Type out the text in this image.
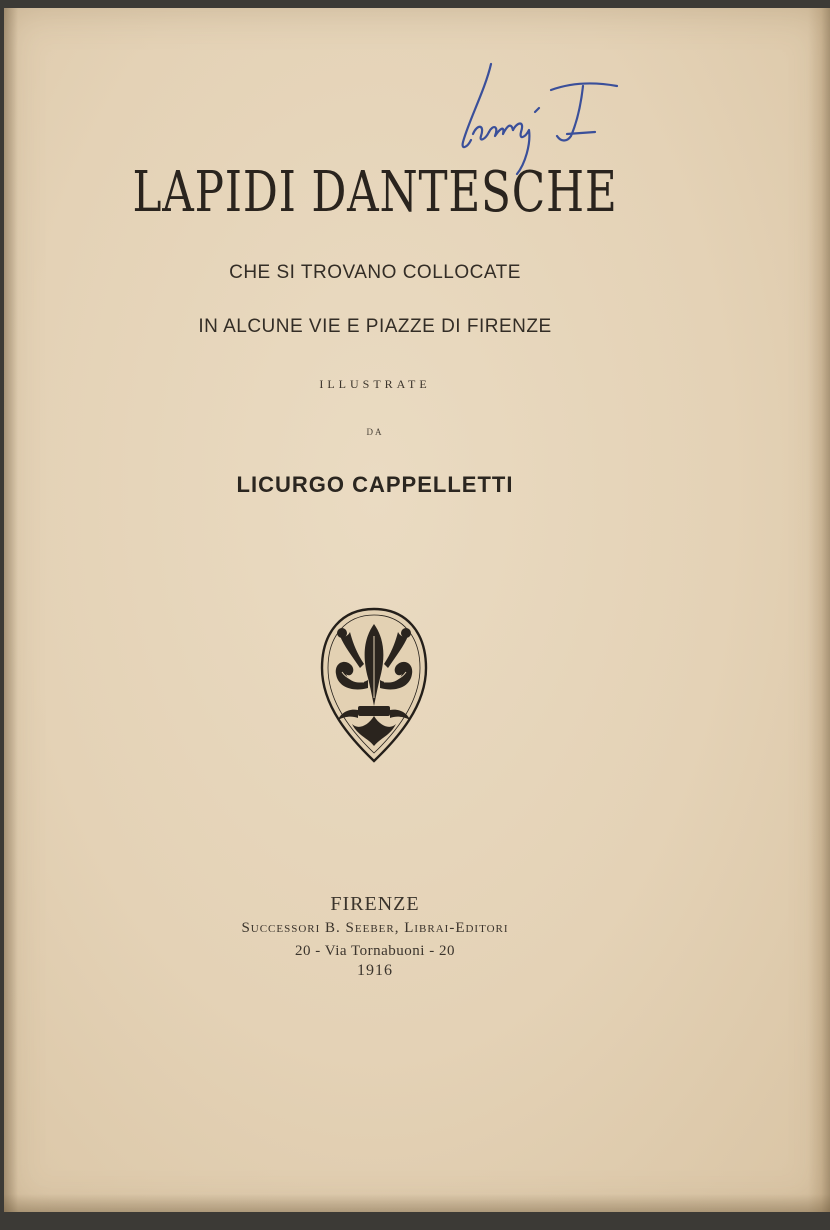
LAPIDI DANTESCHE
CHE SI TROVANO COLLOCATE
IN ALCUNE VIE E PIAZZE DI FIRENZE
ILLUSTRATE
DA
LICURGO CAPPELLETTI
FIRENZE
Successori B. Seeber, Librai-Editori
20 - Via Tornabuoni - 20
1916
